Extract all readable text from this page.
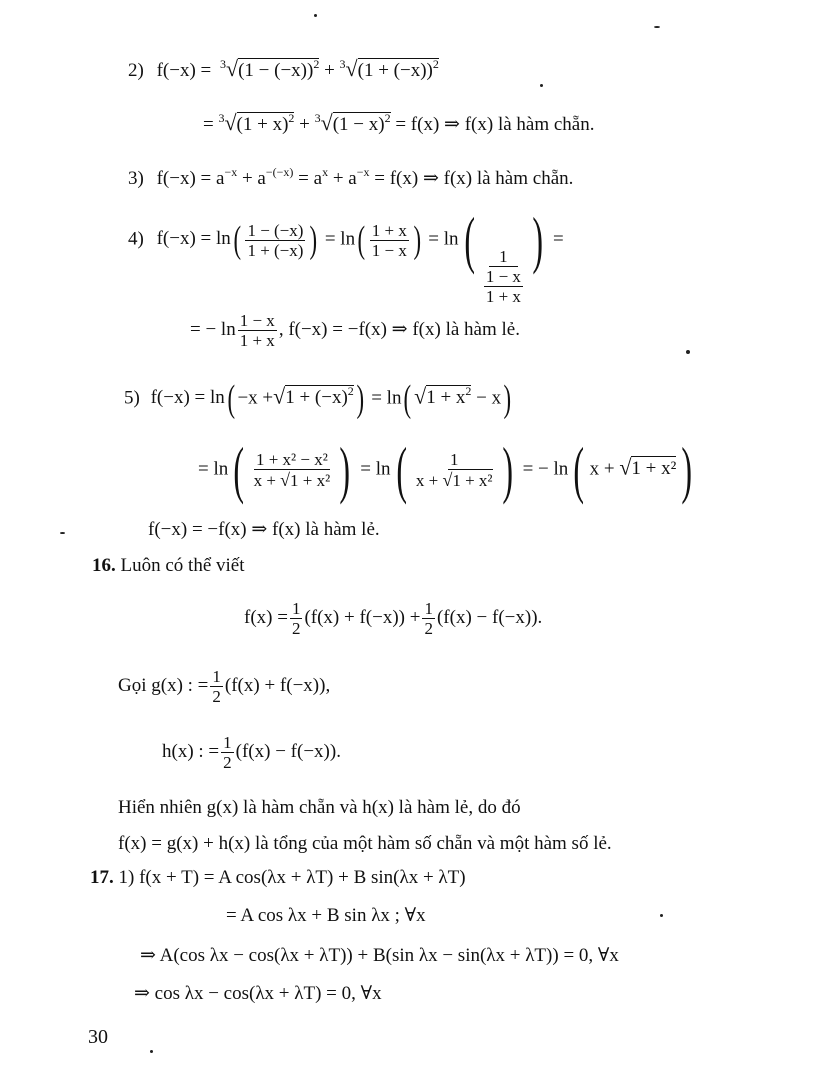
2) $f(-x) = ^3√(1 - (-x))^2 + ^3√(1 + (-x))^2$
= $^3√(1 + x)^2 + ^3√(1 - x)^2 = f(x)$ ⇒ f(x) là hàm chẵn.
3) $f(-x) = a^{-x} + a^{-(-x)} = a^x + a^{-x} = f(x)$ ⇒ f(x) là hàm chẵn.
4) $f(-x) = \ln( \frac{1 - (-x)}{1 + (-x)}$ ) = $\ln( \frac{1 + x}{1 - x}$ ) = ln(
$\frac{1}{\frac{1 - x}{1 + x}}$
) =
= − $\ln \frac{1 - x}{1 + x}$ , f(−x) = −f(x) ⇒ f(x) là hàm lẻ.
5) $f(-x) = \ln( -x +√1 + (-x)^2) = \ln$( $√1 + x^2 - x$)
= $\ln( \frac{\text{1 + x² − x²}}{\text{x + √1 + x²}}$ ) = $\ln( \frac{1}{\text{x + √1 + x²}}$ ) = − ln( x + √1 + x²)
f(−x) = −f(x) ⇒ f(x) là hàm lẻ.
16. Luôn có thể viết
$f(x) = \frac{1}{2} (f(x) + f(-x)) + \frac{1}{2} (f(x) - f(-x))$.
Gọi g(x) : = $\frac{1}{2} (f(x) + f(-x))$,
h(x) : = $\frac{1}{2} (f(x) - f(-x))$.
Hiển nhiên g(x) là hàm chẵn và h(x) là hàm lẻ, do đó
f(x) = g(x) + h(x) là tổng của một hàm số chẵn và một hàm số lẻ.
17. 1) f(x + T) = A cos(λx + λT) + B sin(λx + λT)
= A cos λx + B sin λx ; ∀x
⇒ A(cos λx − cos(λx + λT)) + B(sin λx − sin(λx + λT)) = 0, ∀x
⇒ cos λx − cos(λx + λT) = 0, ∀x
30
